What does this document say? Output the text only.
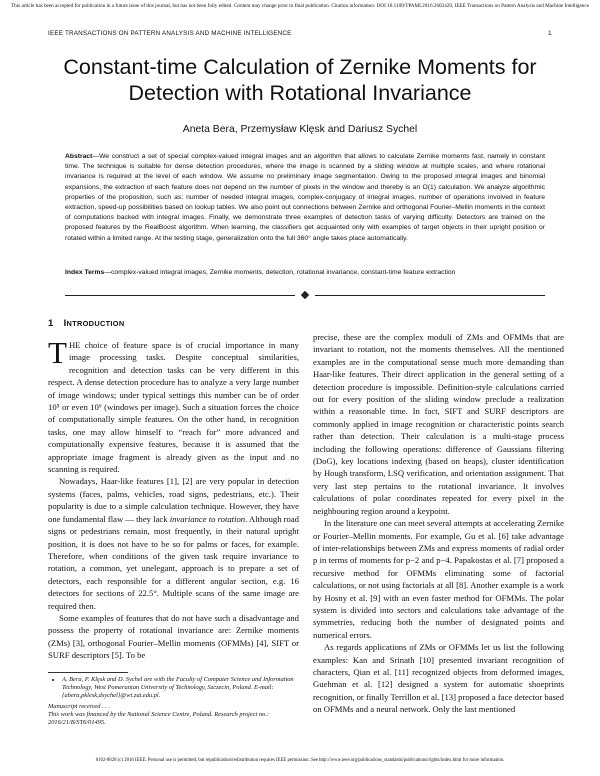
This article has been accepted for publication in a future issue of this journal, but has not been fully edited. Content may change prior to final publication. Citation information: DOI 10.1109/TPAMI.2016.2603429, IEEE Transactions on Pattern Analysis and Machine Intelligence
IEEE TRANSACTIONS ON PATTERN ANALYSIS AND MACHINE INTELLIGENCE	1
Constant-time Calculation of Zernike Moments for Detection with Rotational Invariance
Aneta Bera, Przemysław Klęsk and Dariusz Sychel

Abstract—We construct a set of special complex-valued integral images and an algorithm that allows to calculate Zernike moments fast, namely in constant time. The technique is suitable for dense detection procedures, where the image is scanned by a sliding window at multiple scales, and where rotational invariance is required at the level of each window. We assume no preliminary image segmentation. Owing to the proposed integral images and binomial expansions, the extraction of each feature does not depend on the number of pixels in the window and thereby is an O(1) calculation. We analyze algorithmic properties of the proposition, such as: number of needed integral images, complex-conjugacy of integral images, number of operations involved in feature extraction, speed-up possibilities based on lookup tables. We also point out connections between Zernike and orthogonal Fourier–Mellin moments in the context of computations backed with integral images. Finally, we demonstrate three examples of detection tasks of varying difficulty. Detectors are trained on the proposed features by the RealBoost algorithm. When learning, the classifiers get acquainted only with examples of target objects in their upright position or rotated within a limited range. At the testing stage, generalization onto the full 360° angle takes place automatically.

Index Terms—complex-valued integral images, Zernike moments, detection, rotational invariance, constant-time feature extraction

1 INTRODUCTION

THE choice of feature space is of crucial importance in many image processing tasks. Despite conceptual similarities, recognition and detection tasks can be very different in this respect. A dense detection procedure has to analyze a very large number of image windows; under typical settings this number can be of order 10⁵ or even 10⁶ (windows per image). Such a situation forces the choice of computationally simple features. On the other hand, in recognition tasks, one may allow himself to “reach for” more advanced and computationally expensive features, because it is assumed that the appropriate image fragment is already given as the input and no scanning is required.

Nowadays, Haar-like features [1], [2] are very popular in detection systems (faces, palms, vehicles, road signs, pedestrians, etc.). Their popularity is due to a simple calculation technique. However, they have one fundamental flaw — they lack invariance to rotation. Although road signs or pedestrians remain, most frequently, in their natural upright position, it is does not have to be so for palms or faces, for example. Therefore, when conditions of the given task require invariance to rotation, a common, yet unelegant, approach is to prepare a set of detectors, each responsible for a different angular section, e.g. 16 detectors for sections of 22.5°. Multiple scans of the same image are required then.

Some examples of features that do not have such a disadvantage and possess the property of rotational invariance are: Zernike moments (ZMs) [3], orthogonal Fourier–Mellin moments (OFMMs) [4], SIFT or SURF descriptors [5]. To be

precise, these are the complex moduli of ZMs and OFMMs that are invariant to rotation, not the moments themselves. All the mentioned examples are in the computational sense much more demanding than Haar-like features. Their direct application in the general setting of a detection procedure is impossible. Definition-style calculations carried out for every position of the sliding window preclude a realization within a reasonable time. In fact, SIFT and SURF descriptors are commonly applied in image recognition or characteristic points search rather than detection. Their calculation is a multi-stage process including the following operations: difference of Gaussians filtering (DoG), key locations indexing (based on heaps), cluster identification by Hough transform, LSQ verification, and orientation assignment. That very last step pertains to the rotational invariance. It involves calculations of polar coordinates repeated for every pixel in the neighbouring region around a keypoint.

In the literature one can meet several attempts at accelerating Zernike or Fourier–Mellin moments. For example, Gu et al. [6] take advantage of inter-relationships between ZMs and express moments of radial order p in terms of moments for p−2 and p−4. Papakostas et al. [7] proposed a recursive method for OFMMs eliminating some of factorial calculations, or not using factorials at all [8]. Another example is a work by Hosny et al. [9] with an even faster method for OFMMs. The polar system is divided into sectors and calculations take advantage of the symmetries, reducing both the number of designated points and numerical errors.

As regards applications of ZMs or OFMMs let us list the following examples: Kan and Srinath [10] presented invariant recognition of characters, Qian et al. [11] recognized objects from deformed images, Guehman et al. [12] designed a system for automatic shoeprints recognition, or finally Terrillon et al. [13] proposed a face detector based on OFMMs and a neural network. Only the last mentioned

• A. Bera, P. Klęsk and D. Sychel are with the Faculty of Computer Science and Information Technology, West Pomeranian University of Technology, Szczecin, Poland. E-mail: {abera,pklesk,dsychel}@wi.zut.edu.pl.

Manuscript received . . .

This work was financed by the National Science Centre, Poland. Research project no.: 2016/21/B/ST6/01495.

0162-8828 (c) 2016 IEEE. Personal use is permitted, but republication/redistribution requires IEEE permission. See http://www.ieee.org/publications_standards/publications/rights/index.html for more information.
